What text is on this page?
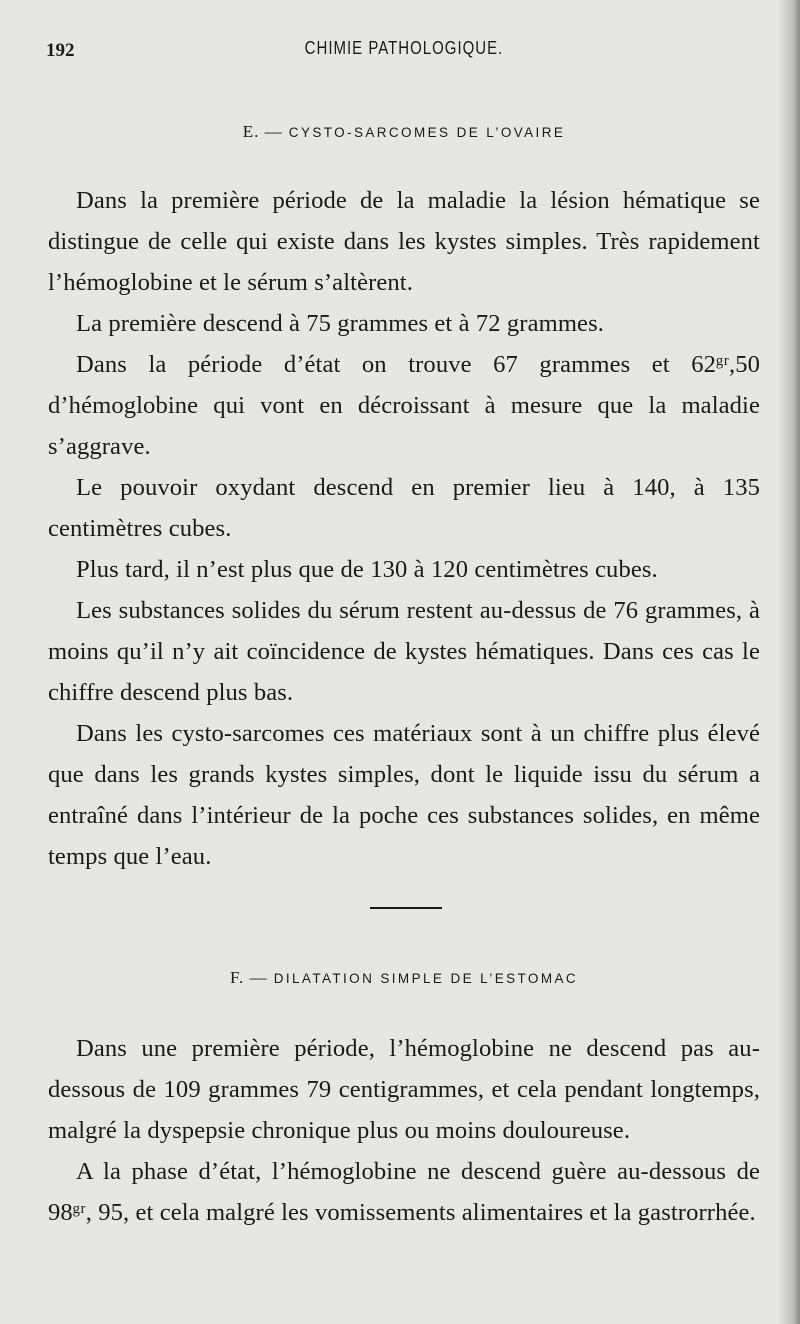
192	CHIMIE PATHOLOGIQUE.
E. — CYSTO-SARCOMES DE L’OVAIRE

Dans la première période de la maladie la lésion hématique se distingue de celle qui existe dans les kystes simples. Très rapidement l’hémoglobine et le sérum s’altèrent.

La première descend à 75 grammes et à 72 grammes.

Dans la période d’état on trouve 67 grammes et 62ᵍʳ,50 d’hémoglobine qui vont en décroissant à mesure que la maladie s’aggrave.

Le pouvoir oxydant descend en premier lieu à 140, à 135 centimètres cubes.

Plus tard, il n’est plus que de 130 à 120 centimètres cubes.

Les substances solides du sérum restent au-dessus de 76 grammes, à moins qu’il n’y ait coïncidence de kystes hématiques. Dans ces cas le chiffre descend plus bas.

Dans les cysto-sarcomes ces matériaux sont à un chiffre plus élevé que dans les grands kystes simples, dont le liquide issu du sérum a entraîné dans l’intérieur de la poche ces substances solides, en même temps que l’eau.

F. — DILATATION SIMPLE DE L’ESTOMAC

Dans une première période, l’hémoglobine ne descend pas au-dessous de 109 grammes 79 centigrammes, et cela pendant longtemps, malgré la dyspepsie chronique plus ou moins douloureuse.

A la phase d’état, l’hémoglobine ne descend guère au-dessous de 98ᵍʳ, 95, et cela malgré les vomissements alimentaires et la gastrorrhée.
